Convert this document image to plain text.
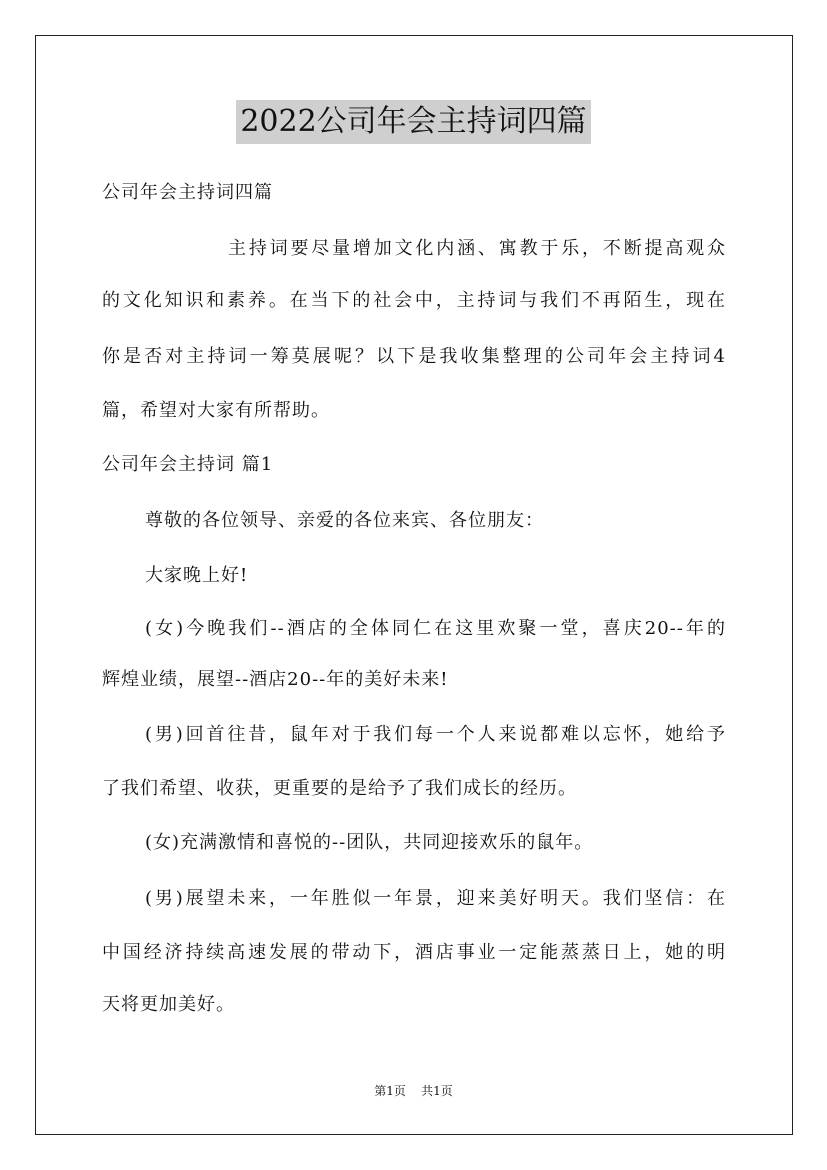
2022公司年会主持词四篇
公司年会主持词四篇
主持词要尽量增加文化内涵、寓教于乐，不断提高观众
的文化知识和素养。在当下的社会中，主持词与我们不再陌生，现在
你是否对主持词一筹莫展呢？以下是我收集整理的公司年会主持词4
篇，希望对大家有所帮助。
公司年会主持词 篇1
尊敬的各位领导、亲爱的各位来宾、各位朋友：
大家晚上好!
(女)今晚我们--酒店的全体同仁在这里欢聚一堂，喜庆20--年的
辉煌业绩，展望--酒店20--年的美好未来!
(男)回首往昔，鼠年对于我们每一个人来说都难以忘怀，她给予
了我们希望、收获，更重要的是给予了我们成长的经历。
(女)充满激情和喜悦的--团队，共同迎接欢乐的鼠年。
(男)展望未来，一年胜似一年景，迎来美好明天。我们坚信：在
中国经济持续高速发展的带动下，酒店事业一定能蒸蒸日上，她的明
天将更加美好。
第1页 共1页
